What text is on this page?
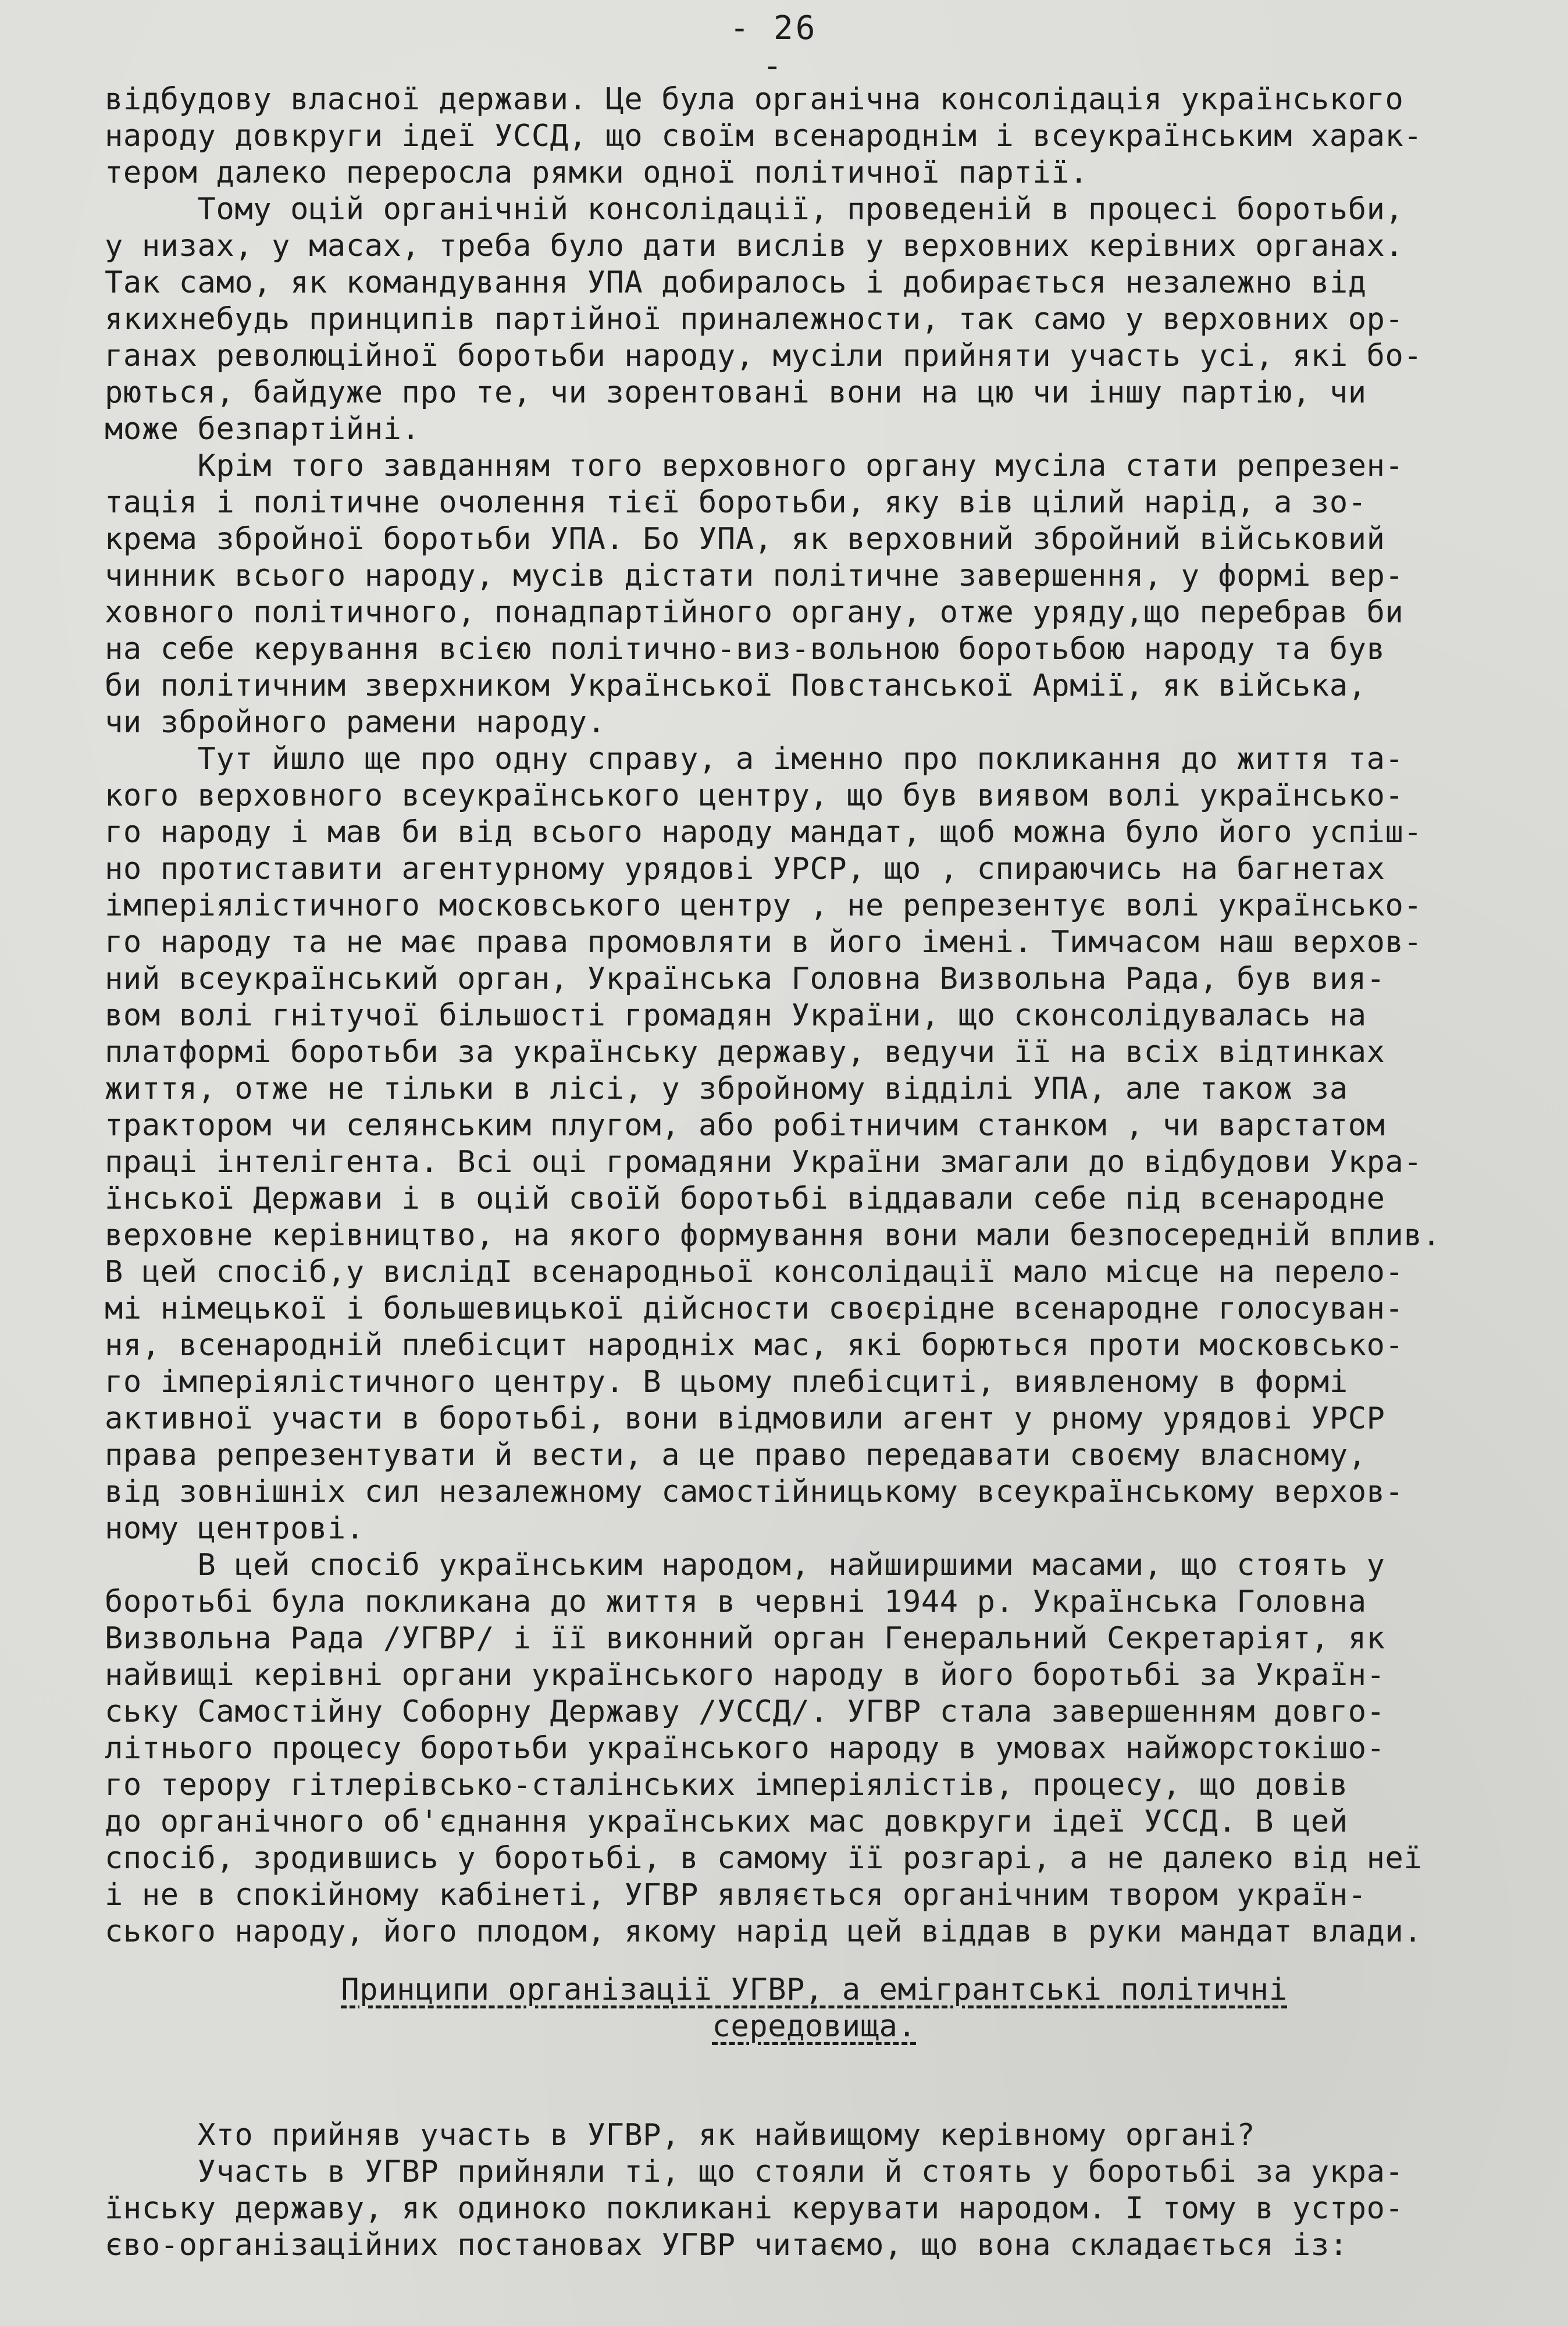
- 26 -
відбудову власної держави. Це була органічна консолідація українського
народу довкруги ідеї УССД, що своїм всенароднім і всеукраїнським харак-
тером далеко переросла рямки одної політичної партії.
Тому оцій органічній консолідації, проведеній в процесі боротьби,
у низах, у масах, треба було дати вислів у верховних керівних органах.
Так само, як командування УПА добиралось і добирається незалежно від
якихнебудь принципів партійної приналежности, так само у верховних ор-
ганах революційної боротьби народу, мусіли прийняти участь усі, які бо-
рються, байдуже про те, чи зорентовані вони на цю чи іншу партію, чи
може безпартійні.
Крім того завданням того верховного органу мусіла стати репрезен-
тація і політичне очолення тієї боротьби, яку вів цілий нарід, а зо-
крема збройної боротьби УПА. Бо УПА, як верховний збройний військовий
чинник всього народу, мусів дістати політичне завершення, у формі вер-
ховного політичного, понадпартійного органу, отже уряду,що перебрав би
на себе керування всією політично-виз-вольною боротьбою народу та був
би політичним зверхником Української Повстанської Армії, як війська,
чи збройного рамени народу.
Тут йшло ще про одну справу, а іменно про покликання до життя та-
кого верховного всеукраїнського центру, що був виявом волі українсько-
го народу і мав би від всього народу мандат, щоб можна було його успіш-
но протиставити агентурному урядові УРСР, що , спираючись на багнетах
імперіялістичного московського центру , не репрезентує волі українсько-
го народу та не має права промовляти в його імені. Тимчасом наш верхов-
ний всеукраїнський орган, Українська Головна Визвольна Рада, був вия-
вом волі гнітучої більшості громадян України, що сконсолідувалась на
платформі боротьби за українську державу, ведучи її на всіх відтинках
життя, отже не тільки в лісі, у збройному відділі УПА, але також за
трактором чи селянським плугом, або робітничим станком , чи варстатом
праці інтелігента. Всі оці громадяни України змагали до відбудови Укра-
їнської Держави і в оцій своїй боротьбі віддавали себе під всенародне
верховне керівництво, на якого формування вони мали безпосередній вплив.
В цей спосіб,у вислідІ всенародньої консолідації мало місце на перело-
мі німецької і большевицької дійсности своєрідне всенародне голосуван-
ня, всенародній плебісцит народніх мас, які борються проти московсько-
го імперіялістичного центру. В цьому плебісциті, виявленому в формі
активної участи в боротьбі, вони відмовили агент у рному урядові УРСР
права репрезентувати й вести, а це право передавати своєму власному,
від зовнішніх сил незалежному самостійницькому всеукраїнському верхов-
ному центрові.
В цей спосіб українським народом, найширшими масами, що стоять у
боротьбі була покликана до життя в червні 1944 р. Українська Головна
Визвольна Рада /УГВР/ і її виконний орган Генеральний Секретаріят, як
найвищі керівні органи українського народу в його боротьбі за Україн-
ську Самостійну Соборну Державу /УССД/. УГВР стала завершенням довго-
літнього процесу боротьби українського народу в умовах найжорстокішо-
го терору гітлерівсько-сталінських імперіялістів, процесу, що довів
до органічного об'єднання українських мас довкруги ідеї УССД. В цей
спосіб, зродившись у боротьбі, в самому її розгарі, а не далеко від неї
і не в спокійному кабінеті, УГВР являється органічним твором україн-
ського народу, його плодом, якому нарід цей віддав в руки мандат влади.
Принципи організації УГВР, а емігрантські політичні
середовища.
Хто прийняв участь в УГВР, як найвищому керівному органі?
Участь в УГВР прийняли ті, що стояли й стоять у боротьбі за укра-
їнську державу, як одиноко покликані керувати народом. І тому в устро-
єво-організаційних постановах УГВР читаємо, що вона складається із:
